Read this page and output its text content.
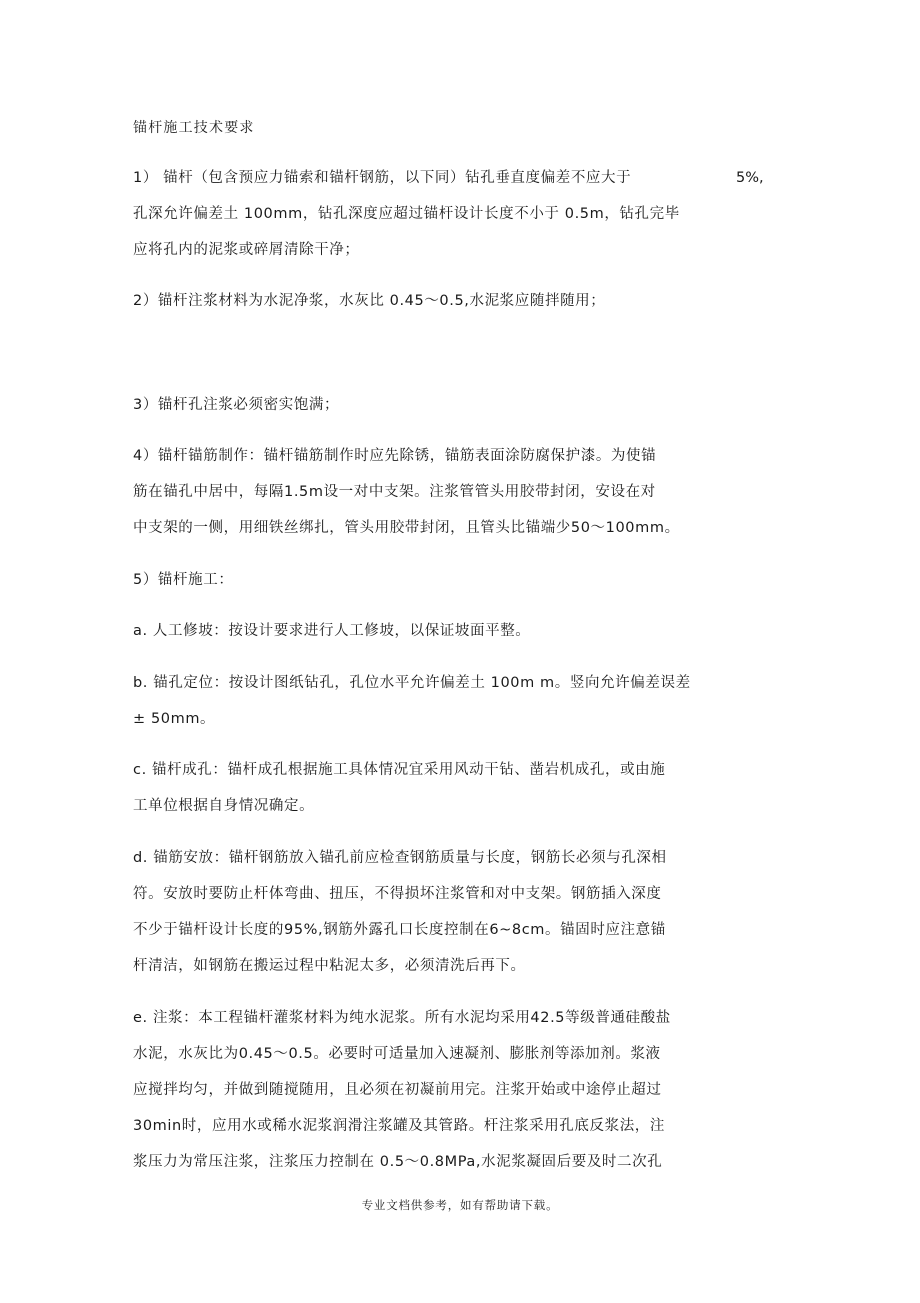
锚杆施工技术要求
1） 锚杆（包含预应力锚索和锚杆钢筋，以下同）钻孔垂直度偏差不应大于	5%,
孔深允许偏差土 100mm，钻孔深度应超过锚杆设计长度不小于 0.5m，钻孔完毕
应将孔内的泥浆或碎屑清除干净；
2）锚杆注浆材料为水泥净浆，水灰比 0.45～0.5,水泥浆应随拌随用；
3）锚杆孔注浆必须密实饱满；
4）锚杆锚筋制作：锚杆锚筋制作时应先除锈，锚筋表面涂防腐保护漆。为使锚
筋在锚孔中居中，每隔1.5m设一对中支架。注浆管管头用胶带封闭，安设在对
中支架的一侧，用细铁丝绑扎，管头用胶带封闭，且管头比锚端少50～100mm。
5）锚杆施工：
a. 人工修坡：按设计要求进行人工修坡，以保证坡面平整。
b. 锚孔定位：按设计图纸钻孔，孔位水平允许偏差土 100m m。竖向允许偏差误差
± 50mm。
c. 锚杆成孔：锚杆成孔根据施工具体情况宜采用风动干钻、凿岩机成孔，或由施
工单位根据自身情况确定。
d. 锚筋安放：锚杆钢筋放入锚孔前应检查钢筋质量与长度，钢筋长必须与孔深相
符。安放时要防止杆体弯曲、扭压，不得损坏注浆管和对中支架。钢筋插入深度
不少于锚杆设计长度的95%,钢筋外露孔口长度控制在6~8cm。锚固时应注意锚
杆清洁，如钢筋在搬运过程中粘泥太多，必须清洗后再下。
e. 注浆：本工程锚杆灌浆材料为纯水泥浆。所有水泥均采用42.5等级普通硅酸盐
水泥，水灰比为0.45～0.5。必要时可适量加入速凝剂、膨胀剂等添加剂。浆液
应搅拌均匀，并做到随搅随用，且必须在初凝前用完。注浆开始或中途停止超过
30min时，应用水或稀水泥浆润滑注浆罐及其管路。杆注浆采用孔底反浆法，注
浆压力为常压注浆，注浆压力控制在 0.5～0.8MPa,水泥浆凝固后要及时二次孔
专业文档供参考，如有帮助请下载。
